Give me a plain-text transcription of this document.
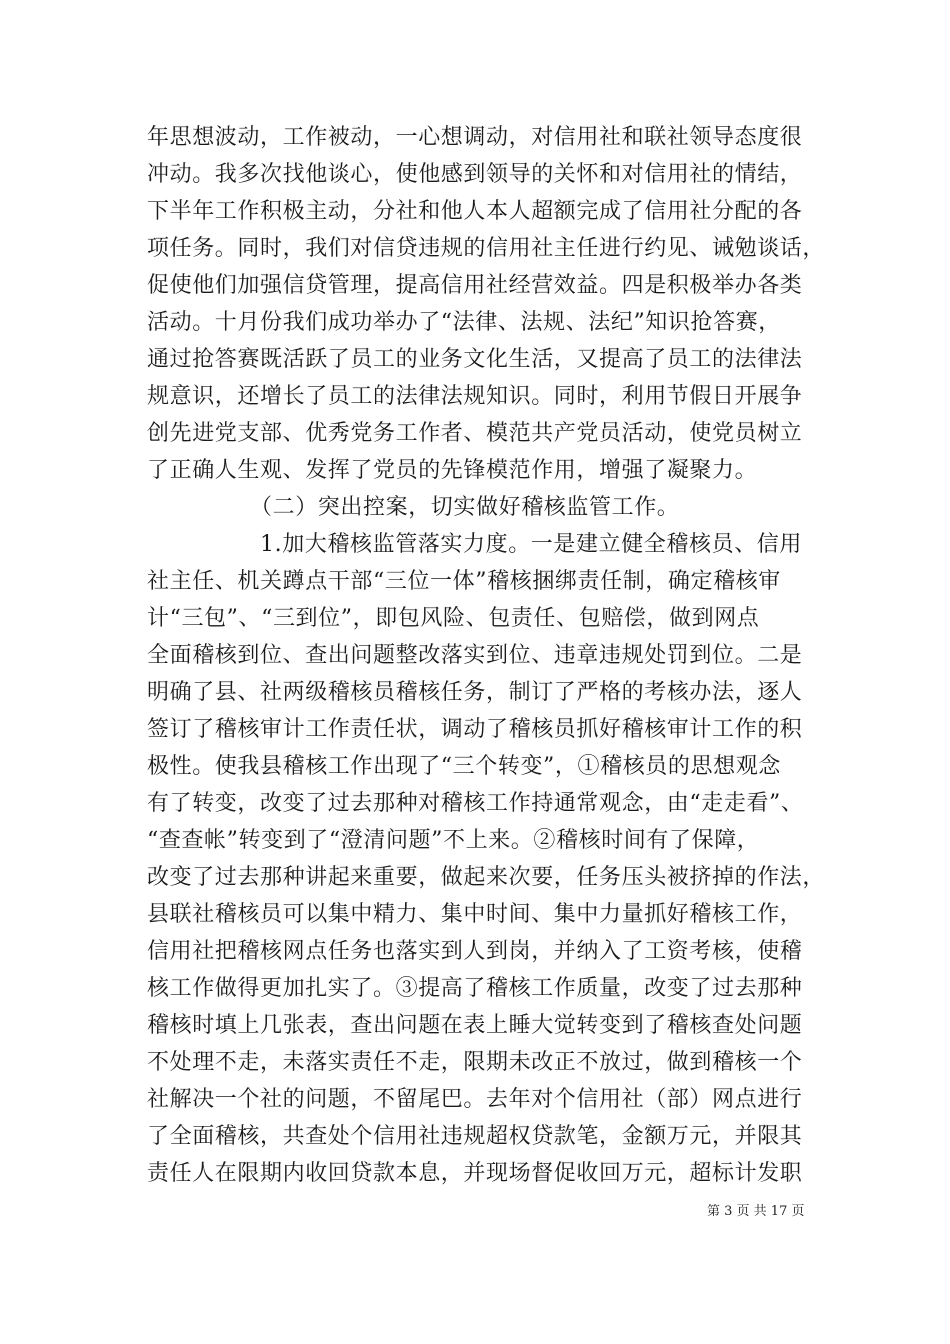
年思想波动，工作被动，一心想调动，对信用社和联社领导态度很
冲动。我多次找他谈心，使他感到领导的关怀和对信用社的情结，
下半年工作积极主动，分社和他人本人超额完成了信用社分配的各
项任务。同时，我们对信贷违规的信用社主任进行约见、诫勉谈话，
促使他们加强信贷管理，提高信用社经营效益。四是积极举办各类
活动。十月份我们成功举办了“法律、法规、法纪”知识抢答赛，
通过抢答赛既活跃了员工的业务文化生活，又提高了员工的法律法
规意识，还增长了员工的法律法规知识。同时，利用节假日开展争
创先进党支部、优秀党务工作者、模范共产党员活动，使党员树立
了正确人生观、发挥了党员的先锋模范作用，增强了凝聚力。
（二）突出控案，切实做好稽核监管工作。
1.加大稽核监管落实力度。一是建立健全稽核员、信用
社主任、机关蹲点干部“三位一体”稽核捆绑责任制，确定稽核审
计“三包”、“三到位”，即包风险、包责任、包赔偿，做到网点
全面稽核到位、查出问题整改落实到位、违章违规处罚到位。二是
明确了县、社两级稽核员稽核任务，制订了严格的考核办法，逐人
签订了稽核审计工作责任状，调动了稽核员抓好稽核审计工作的积
极性。使我县稽核工作出现了“三个转变”，①稽核员的思想观念
有了转变，改变了过去那种对稽核工作持通常观念，由“走走看”、
“查查帐”转变到了“澄清问题”不上来。②稽核时间有了保障，
改变了过去那种讲起来重要，做起来次要，任务压头被挤掉的作法，
县联社稽核员可以集中精力、集中时间、集中力量抓好稽核工作，
信用社把稽核网点任务也落实到人到岗，并纳入了工资考核，使稽
核工作做得更加扎实了。③提高了稽核工作质量，改变了过去那种
稽核时填上几张表，查出问题在表上睡大觉转变到了稽核查处问题
不处理不走，未落实责任不走，限期未改正不放过，做到稽核一个
社解决一个社的问题，不留尾巴。去年对个信用社（部）网点进行
了全面稽核，共查处个信用社违规超权贷款笔，金额万元，并限其
责任人在限期内收回贷款本息，并现场督促收回万元，超标计发职
第 3 页 共 17 页
